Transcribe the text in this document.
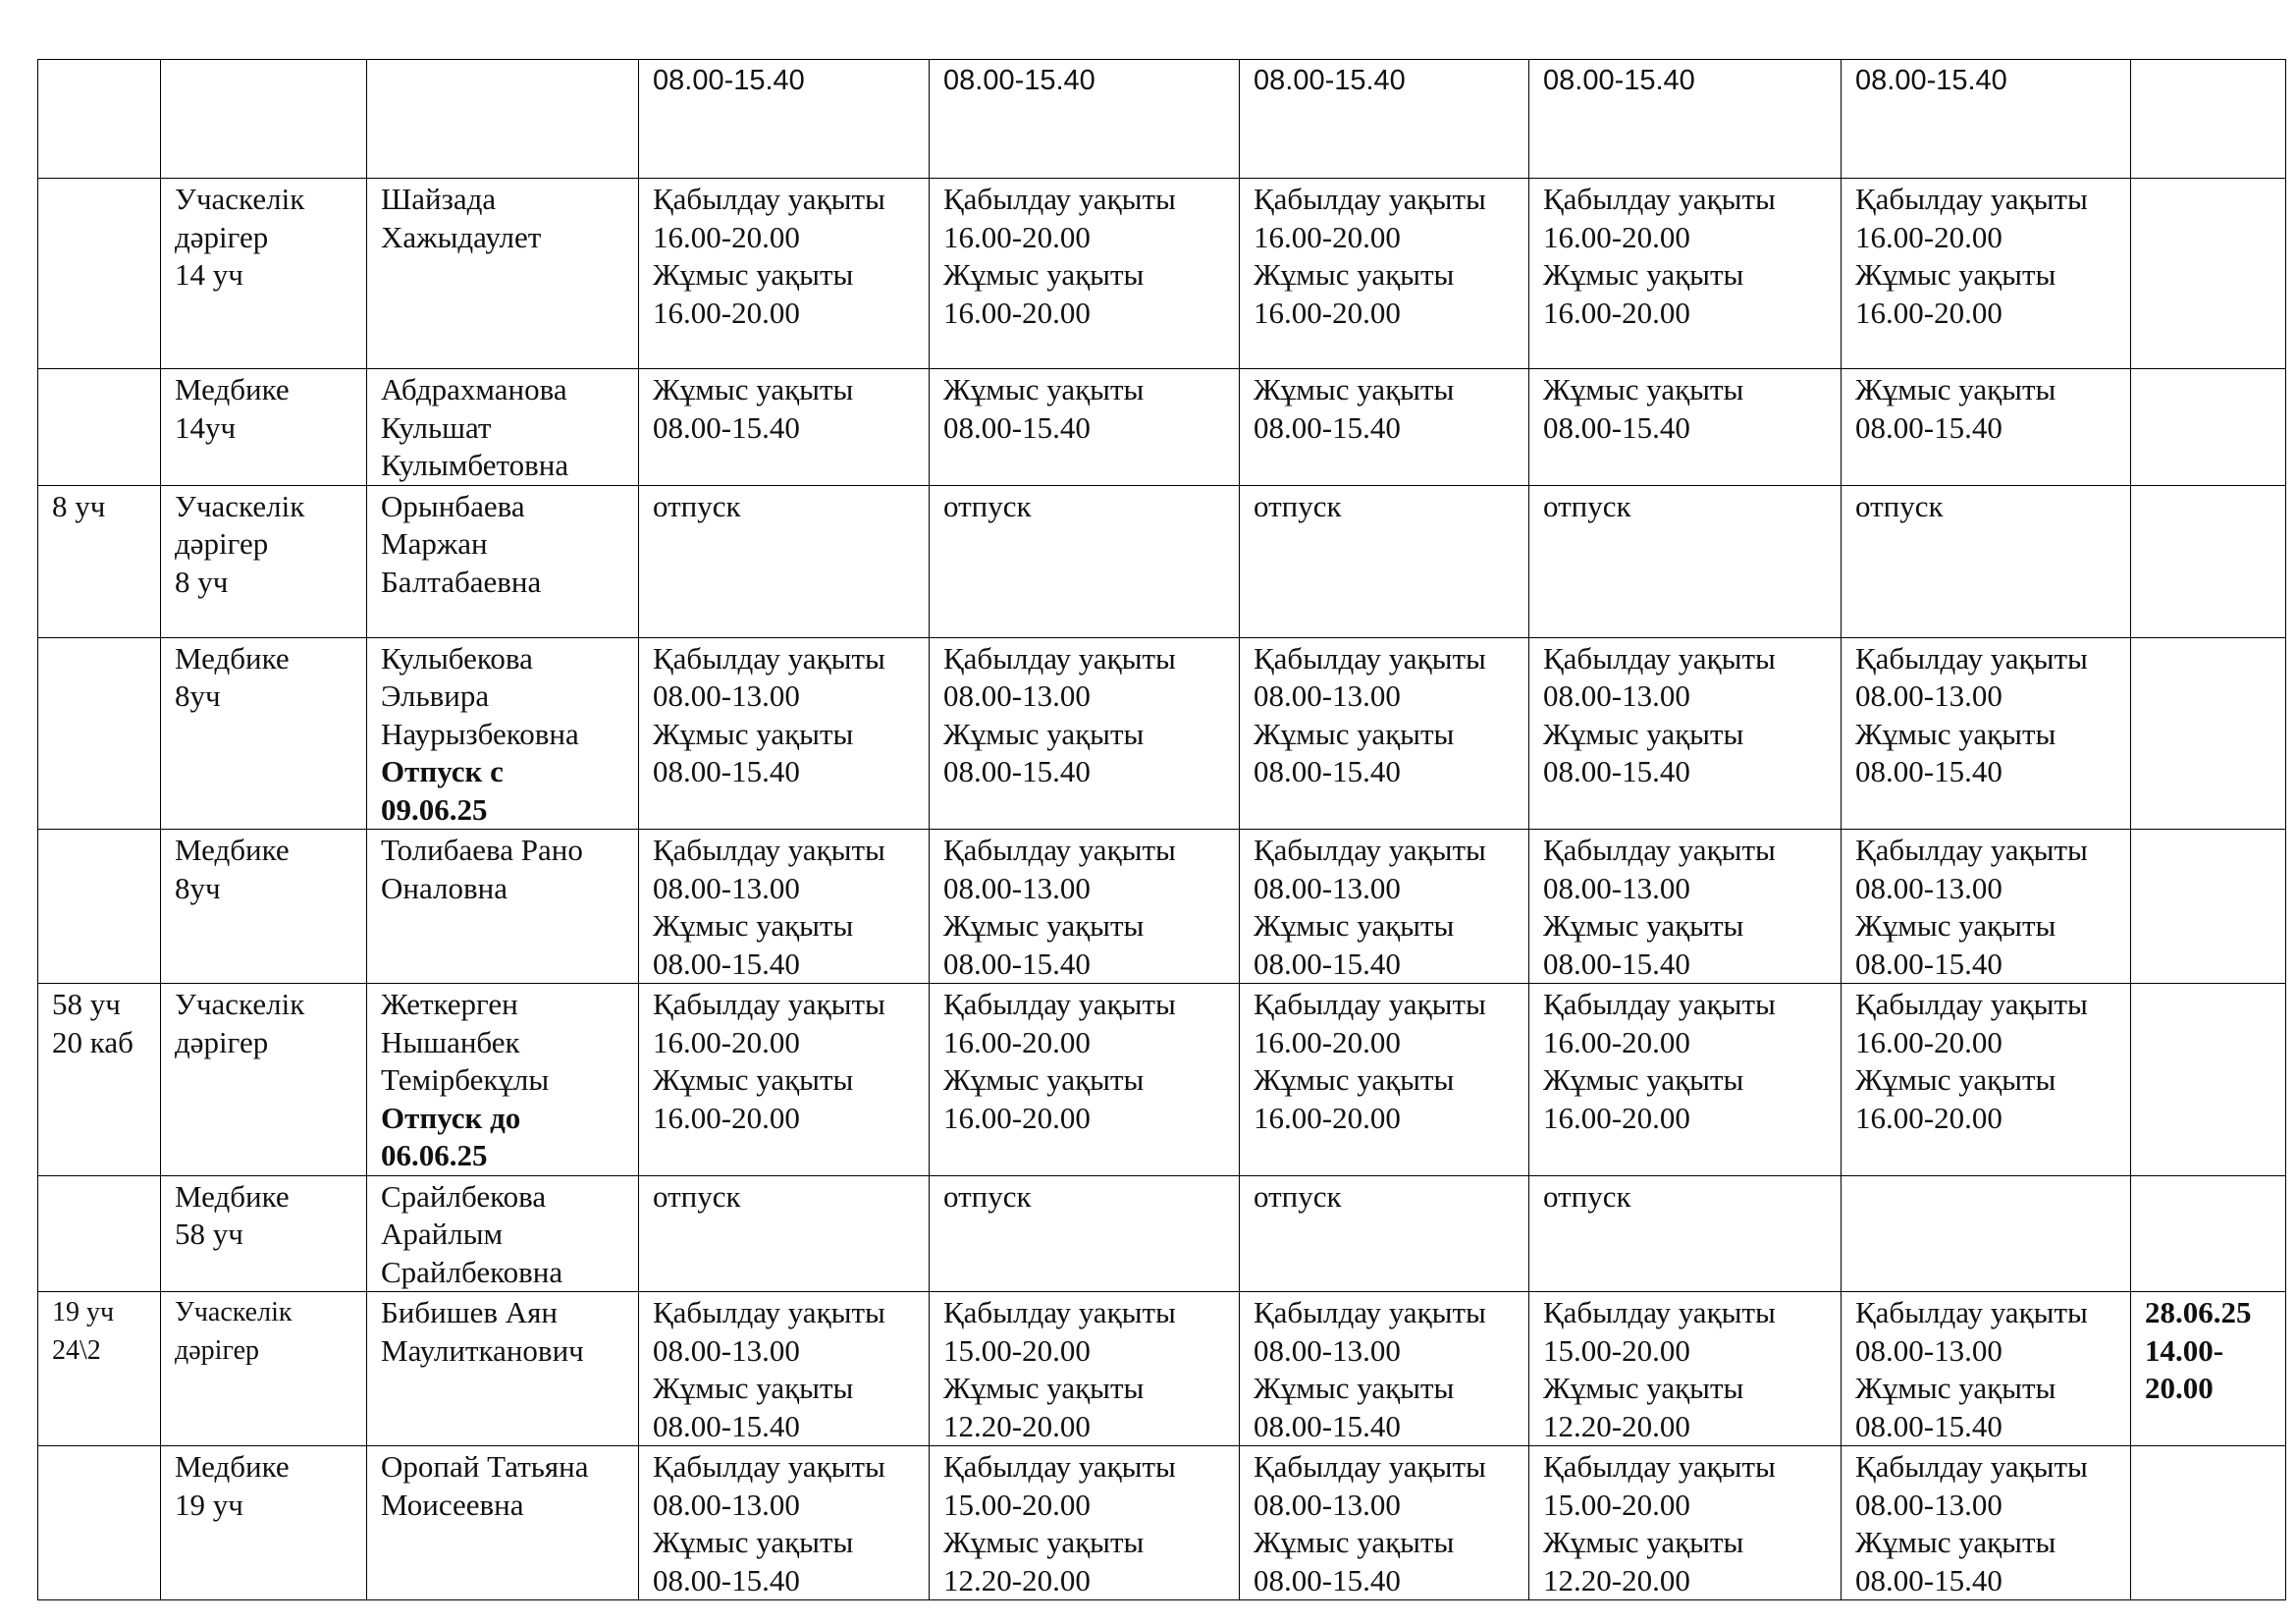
			08.00-15.40	08.00-15.40	08.00-15.40	08.00-15.40	08.00-15.40	

	Учаскелік
дәрігер
14 уч	Шайзада
Хажыдаулет	Қабылдау уақыты
16.00-20.00
Жұмыс уақыты
16.00-20.00	Қабылдау уақыты
16.00-20.00
Жұмыс уақыты
16.00-20.00	Қабылдау уақыты
16.00-20.00
Жұмыс уақыты
16.00-20.00	Қабылдау уақыты
16.00-20.00
Жұмыс уақыты
16.00-20.00	Қабылдау уақыты
16.00-20.00
Жұмыс уақыты
16.00-20.00	

	Медбике
14уч	Абдрахманова
Кульшат
Кулымбетовна	Жұмыс уақыты
08.00-15.40	Жұмыс уақыты
08.00-15.40	Жұмыс уақыты
08.00-15.40	Жұмыс уақыты
08.00-15.40	Жұмыс уақыты
08.00-15.40	

8 уч	Учаскелік
дәрігер
8 уч	Орынбаева
Маржан
Балтабаевна	отпуск	отпуск	отпуск	отпуск	отпуск	

	Медбике
8уч	Кулыбекова
Эльвира
Наурызбековна
Отпуск с
09.06.25	Қабылдау уақыты
08.00-13.00
Жұмыс уақыты
08.00-15.40	Қабылдау уақыты
08.00-13.00
Жұмыс уақыты
08.00-15.40	Қабылдау уақыты
08.00-13.00
Жұмыс уақыты
08.00-15.40	Қабылдау уақыты
08.00-13.00
Жұмыс уақыты
08.00-15.40	Қабылдау уақыты
08.00-13.00
Жұмыс уақыты
08.00-15.40	

	Медбике
8уч	Толибаева Рано
Оналовна	Қабылдау уақыты
08.00-13.00
Жұмыс уақыты
08.00-15.40	Қабылдау уақыты
08.00-13.00
Жұмыс уақыты
08.00-15.40	Қабылдау уақыты
08.00-13.00
Жұмыс уақыты
08.00-15.40	Қабылдау уақыты
08.00-13.00
Жұмыс уақыты
08.00-15.40	Қабылдау уақыты
08.00-13.00
Жұмыс уақыты
08.00-15.40	

58 уч
20 каб	Учаскелік
дәрігер	Жеткерген
Нышанбек
Темірбекұлы
Отпуск до
06.06.25	Қабылдау уақыты
16.00-20.00
Жұмыс уақыты
16.00-20.00	Қабылдау уақыты
16.00-20.00
Жұмыс уақыты
16.00-20.00	Қабылдау уақыты
16.00-20.00
Жұмыс уақыты
16.00-20.00	Қабылдау уақыты
16.00-20.00
Жұмыс уақыты
16.00-20.00	Қабылдау уақыты
16.00-20.00
Жұмыс уақыты
16.00-20.00	

	Медбике
58 уч	Срайлбекова
Арайлым
Срайлбековна	отпуск	отпуск	отпуск	отпуск		

19 уч
24\2	Учаскелік
дәрігер	Бибишев Аян
Маулитканович	Қабылдау уақыты
08.00-13.00
Жұмыс уақыты
08.00-15.40	Қабылдау уақыты
15.00-20.00
Жұмыс уақыты
12.20-20.00	Қабылдау уақыты
08.00-13.00
Жұмыс уақыты
08.00-15.40	Қабылдау уақыты
15.00-20.00
Жұмыс уақыты
12.20-20.00	Қабылдау уақыты
08.00-13.00
Жұмыс уақыты
08.00-15.40	28.06.25
14.00-
20.00

	Медбике
19 уч	Оропай Татьяна
Моисеевна	Қабылдау уақыты
08.00-13.00
Жұмыс уақыты
08.00-15.40	Қабылдау уақыты
15.00-20.00
Жұмыс уақыты
12.20-20.00	Қабылдау уақыты
08.00-13.00
Жұмыс уақыты
08.00-15.40	Қабылдау уақыты
15.00-20.00
Жұмыс уақыты
12.20-20.00	Қабылдау уақыты
08.00-13.00
Жұмыс уақыты
08.00-15.40	
